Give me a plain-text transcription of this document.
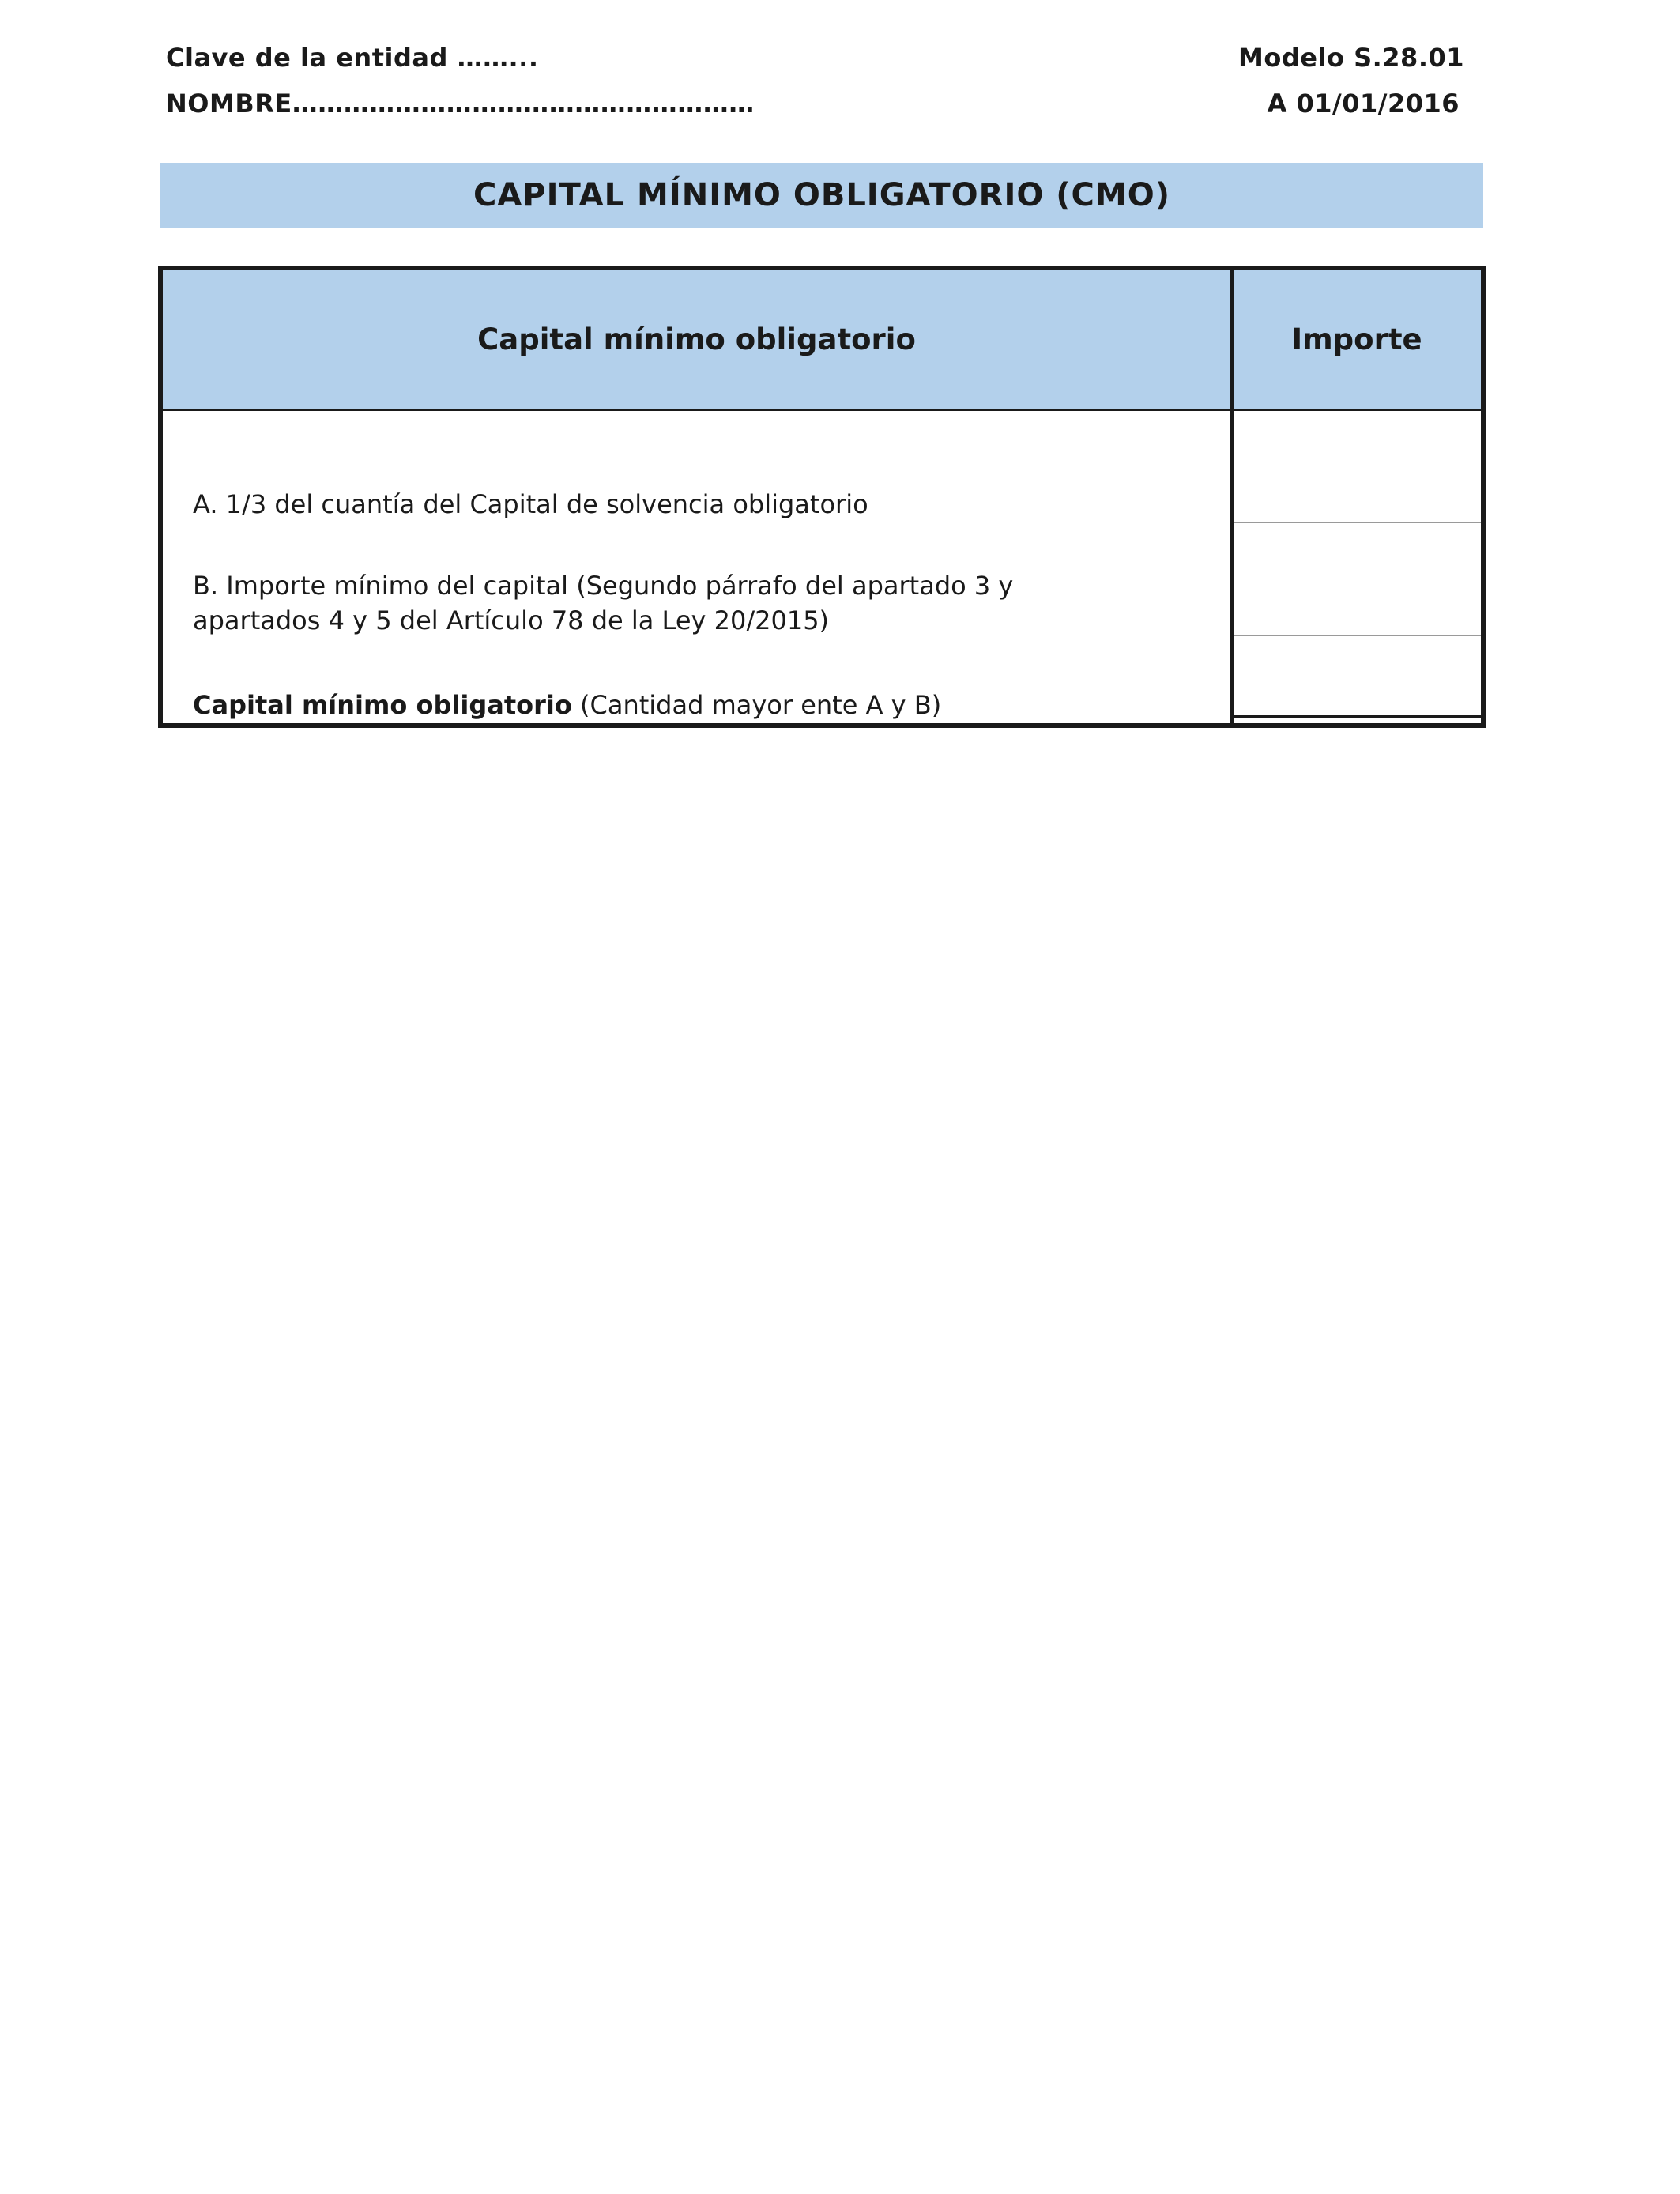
Clave de la entidad ……...
NOMBRE………………………………………………
Modelo S.28.01
A 01/01/2016
CAPITAL MÍNIMO OBLIGATORIO (CMO)
Capital mínimo obligatorio	Importe
A. 1/3 del cuantía del Capital de solvencia obligatorio
B. Importe mínimo del capital (Segundo párrafo del apartado 3 y
apartados 4 y 5 del Artículo 78 de la Ley 20/2015)
Capital mínimo obligatorio (Cantidad mayor ente A y B)
